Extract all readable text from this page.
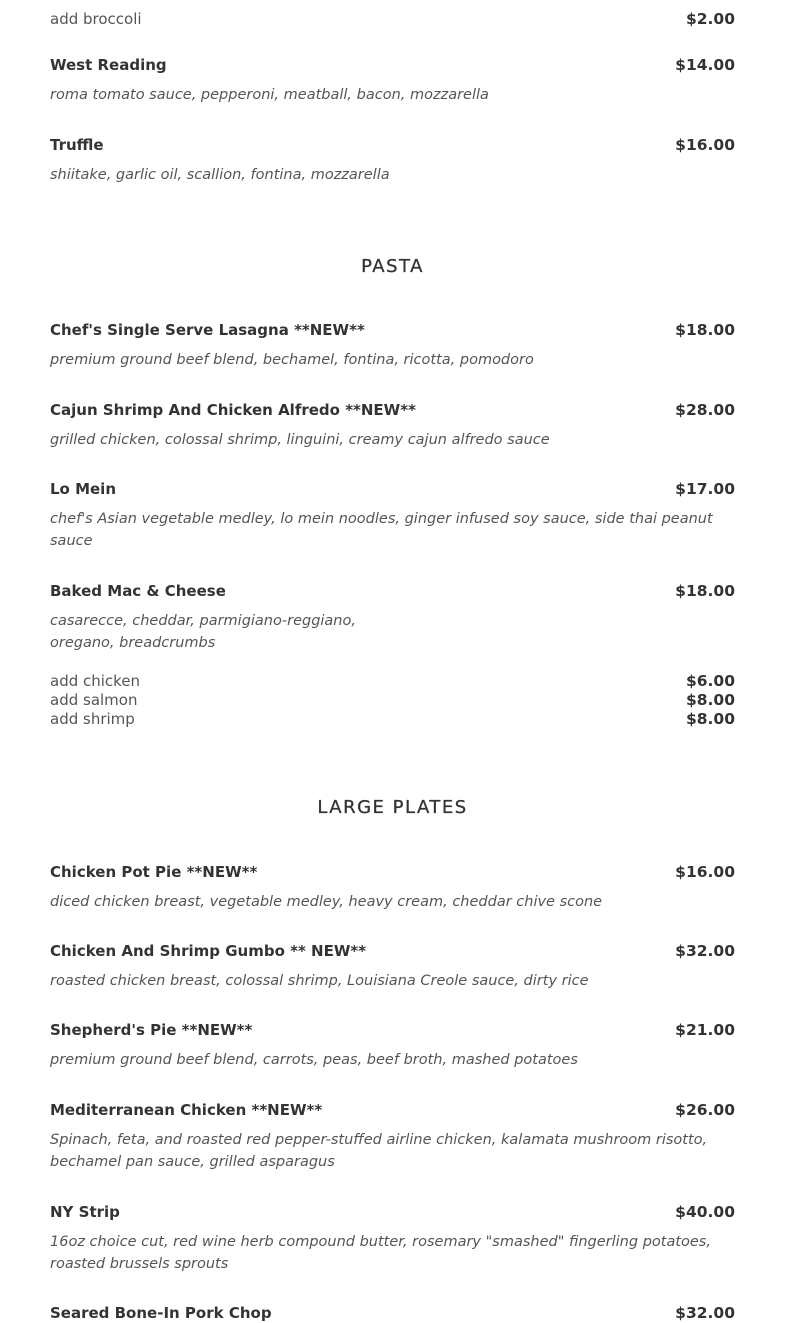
add broccoli	$2.00
West Reading	$14.00
roma tomato sauce, pepperoni, meatball, bacon, mozzarella
Truffle	$16.00
shiitake, garlic oil, scallion, fontina, mozzarella
PASTA
Chef's Single Serve Lasagna **NEW**	$18.00
premium ground beef blend, bechamel, fontina, ricotta, pomodoro
Cajun Shrimp And Chicken Alfredo **NEW**	$28.00
grilled chicken, colossal shrimp, linguini, creamy cajun alfredo sauce
Lo Mein	$17.00
chef's Asian vegetable medley, lo mein noodles, ginger infused soy sauce, side thai peanut sauce
Baked Mac & Cheese	$18.00
casarecce, cheddar, parmigiano-reggiano,
oregano, breadcrumbs
add chicken	$6.00
add salmon	$8.00
add shrimp	$8.00
LARGE PLATES
Chicken Pot Pie **NEW**	$16.00
diced chicken breast, vegetable medley, heavy cream, cheddar chive scone
Chicken And Shrimp Gumbo ** NEW**	$32.00
roasted chicken breast, colossal shrimp, Louisiana Creole sauce, dirty rice
Shepherd's Pie **NEW**	$21.00
premium ground beef blend, carrots, peas, beef broth, mashed potatoes
Mediterranean Chicken **NEW**	$26.00
Spinach, feta, and roasted red pepper-stuffed airline chicken, kalamata mushroom risotto, bechamel pan sauce, grilled asparagus
NY Strip	$40.00
16oz choice cut, red wine herb compound butter, rosemary "smashed" fingerling potatoes, roasted brussels sprouts
Seared Bone-In Pork Chop	$32.00
